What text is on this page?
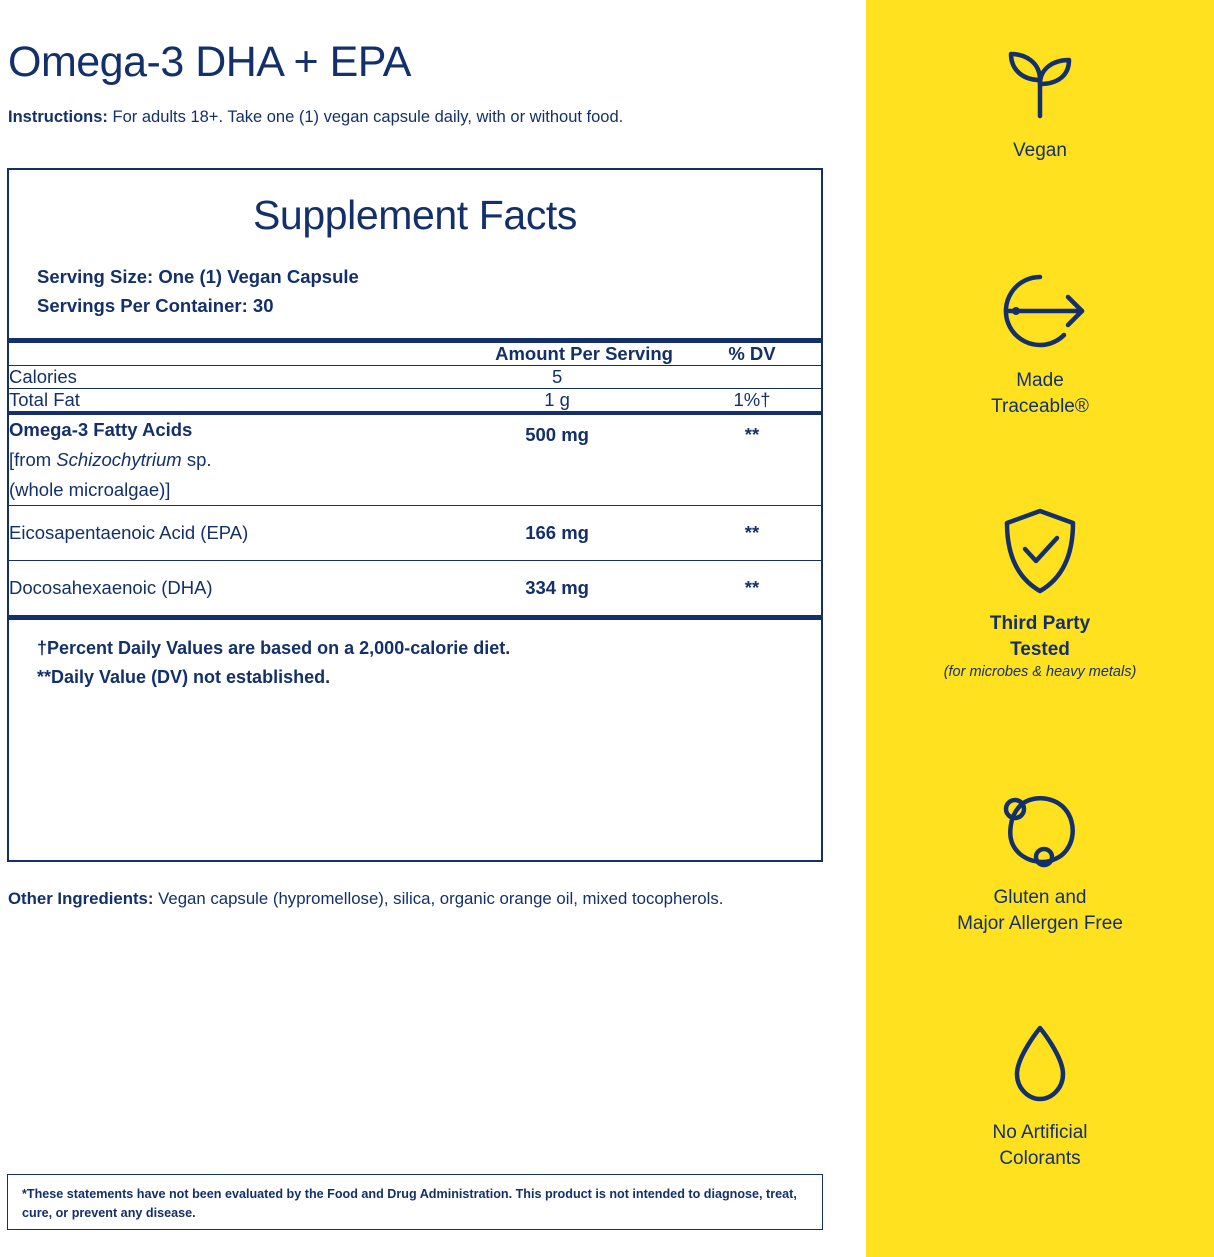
Omega-3 DHA + EPA
Instructions: For adults 18+. Take one (1) vegan capsule daily, with or without food.
Supplement Facts
Serving Size: One (1) Vegan Capsule
Servings Per Container: 30
	Amount Per Serving	% DV
Calories	5	
Total Fat	1 g	1%†
Omega-3 Fatty Acids
[from Schizochytrium sp.
(whole microalgae)]
	500 mg	**
Eicosapentaenoic Acid (EPA)	166 mg	**
Docosahexaenoic (DHA)	334 mg	**
†Percent Daily Values are based on a 2,000-calorie diet.
**Daily Value (DV) not established.
Other Ingredients: Vegan capsule (hypromellose), silica, organic orange oil, mixed tocopherols.
*These statements have not been evaluated by the Food and Drug Administration. This product is not intended to diagnose, treat, cure, or prevent any disease.
Vegan
Made
Traceable®
Third Party
Tested
(for microbes & heavy metals)
Gluten and
Major Allergen Free
No Artificial
Colorants
